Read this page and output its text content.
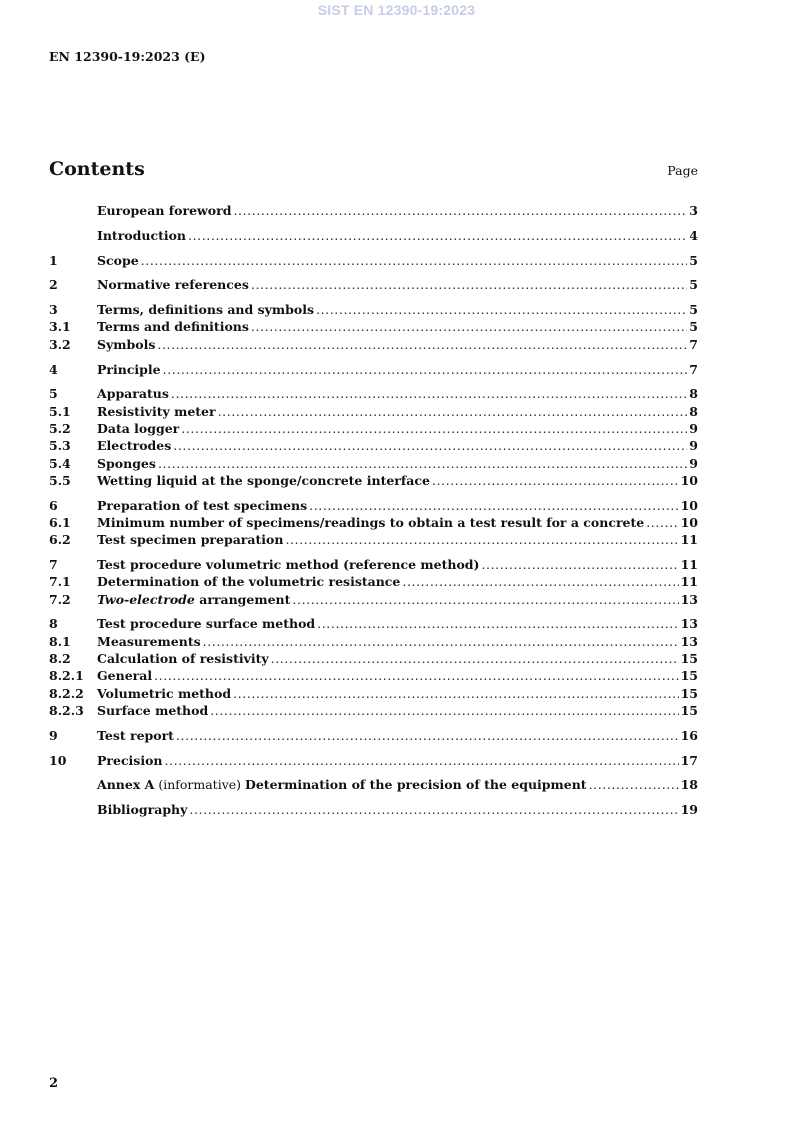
SIST EN 12390-19:2023
EN 12390-19:2023 (E)
Contents	Page
European foreword .....	3
Introduction .....	4
1	Scope .....	5
2	Normative references .....	5
3	Terms, definitions and symbols .....	5
3.1	Terms and definitions .....	5
3.2	Symbols .....	7
4	Principle .....	7
5	Apparatus .....	8
5.1	Resistivity meter .....	8
5.2	Data logger .....	9
5.3	Electrodes .....	9
5.4	Sponges .....	9
5.5	Wetting liquid at the sponge/concrete interface .....	10
6	Preparation of test specimens .....	10
6.1	Minimum number of specimens/readings to obtain a test result for a concrete .....	10
6.2	Test specimen preparation .....	11
7	Test procedure volumetric method (reference method) .....	11
7.1	Determination of the volumetric resistance .....	11
7.2	Two-electrode arrangement .....	13
8	Test procedure surface method .....	13
8.1	Measurements .....	13
8.2	Calculation of resistivity .....	15
8.2.1	General .....	15
8.2.2	Volumetric method .....	15
8.2.3	Surface method .....	15
9	Test report .....	16
10	Precision .....	17
Annex A (informative) Determination of the precision of the equipment .....	18
Bibliography .....	19
2
